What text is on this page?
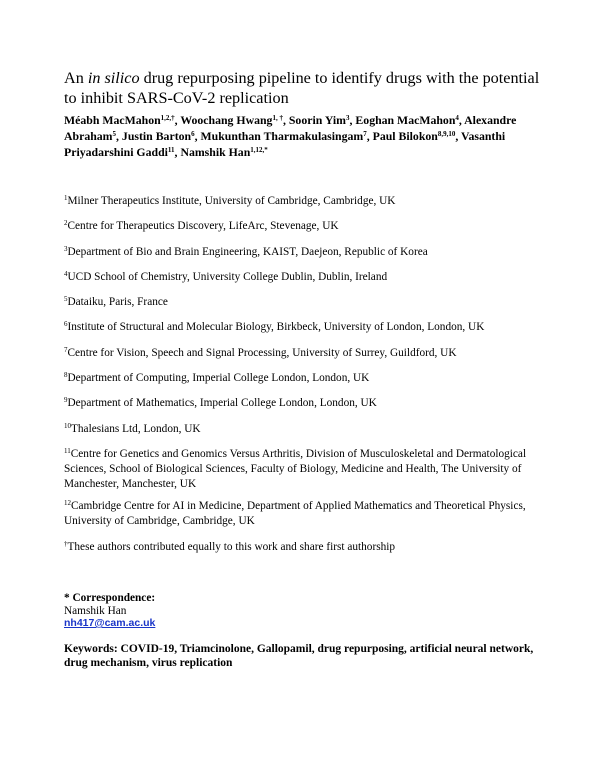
An in silico drug repurposing pipeline to identify drugs with the potential to inhibit SARS-CoV-2 replication
Méabh MacMahon$^{1,2,\dagger}$, Woochang Hwang$^{1, \dagger}$, Soorin Yim$^3$, Eoghan MacMahon$^4$, Alexandre Abraham$^5$, Justin Barton$^6$, Mukunthan Tharmakulasingam$^7$, Paul Bilokon$^{8,9,10}$, Vasanthi Priyadarshini Gaddi$^{11}$, Namshik Han$^{1,12,*}$
$^1$Milner Therapeutics Institute, University of Cambridge, Cambridge, UK
$^2$Centre for Therapeutics Discovery, LifeArc, Stevenage, UK
$^3$Department of Bio and Brain Engineering, KAIST, Daejeon, Republic of Korea
$^4$UCD School of Chemistry, University College Dublin, Dublin, Ireland
$^5$Dataiku, Paris, France
$^6$Institute of Structural and Molecular Biology, Birkbeck, University of London, London, UK
$^7$Centre for Vision, Speech and Signal Processing, University of Surrey, Guildford, UK
$^8$Department of Computing, Imperial College London, London, UK
$^9$Department of Mathematics, Imperial College London, London, UK
$^{10}$Thalesians Ltd, London, UK
$^{11}$Centre for Genetics and Genomics Versus Arthritis, Division of Musculoskeletal and Dermatological Sciences, School of Biological Sciences, Faculty of Biology, Medicine and Health, The University of Manchester, Manchester, UK
$^{12}$Cambridge Centre for AI in Medicine, Department of Applied Mathematics and Theoretical Physics, University of Cambridge, Cambridge, UK
†These authors contributed equally to this work and share first authorship
* Correspondence:
Namshik Han
nh417@cam.ac.uk
Keywords: COVID-19, Triamcinolone, Gallopamil, drug repurposing, artificial neural network, drug mechanism, virus replication
